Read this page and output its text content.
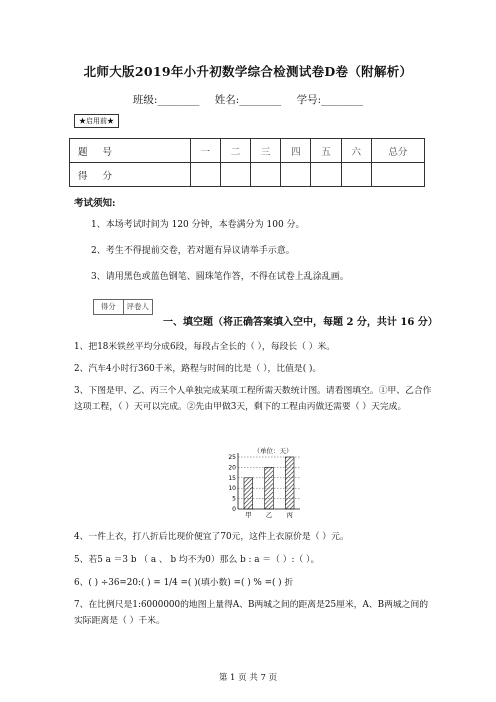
北师大版2019年小升初数学综合检测试卷D卷（附解析）
班级:________ 姓名:________ 学号:________
★启用前★
题 号	一	二	三	四	五	六	总分
得 分							
考试须知:
1、本场考试时间为 120 分钟，本卷满分为 100 分。
2、考生不得提前交卷，若对题有异议请举手示意。
3、请用黑色或蓝色钢笔、圆珠笔作答，不得在试卷上乱涂乱画。
得分	评卷人
一、填空题（将正确答案填入空中，每题 2 分，共计 16 分）
1、把18米铁丝平均分成6段，每段占全长的（ ），每段长（ ）米。
2、汽车4小时行360千米，路程与时间的比是（ ），比值是( )。
3、下图是甲、乙、丙三个人单独完成某项工程所需天数统计图。请看图填空。①甲、乙合作这项工程，（ ）天可以完成。②先由甲做3天，剩下的工程由丙做还需要（ ）天完成。
（单位：天）
0
5
10
15
20
25
甲 乙 丙
4、一件上衣，打八折后比现价便宜了70元，这件上衣原价是（ ）元。
5、若5 a ＝3 b （ a 、 b 均不为0）那么 b : a ＝（ ）:（ ）。
6、( ) ÷36=20:( ) = 1/4 =( )(填小数) =( ) % =( ) 折
7、在比例尺是1:6000000的地图上量得A、B两城之间的距离是25厘米，A、B两城之间的实际距离是（ ）千米。
第 1 页 共 7 页
